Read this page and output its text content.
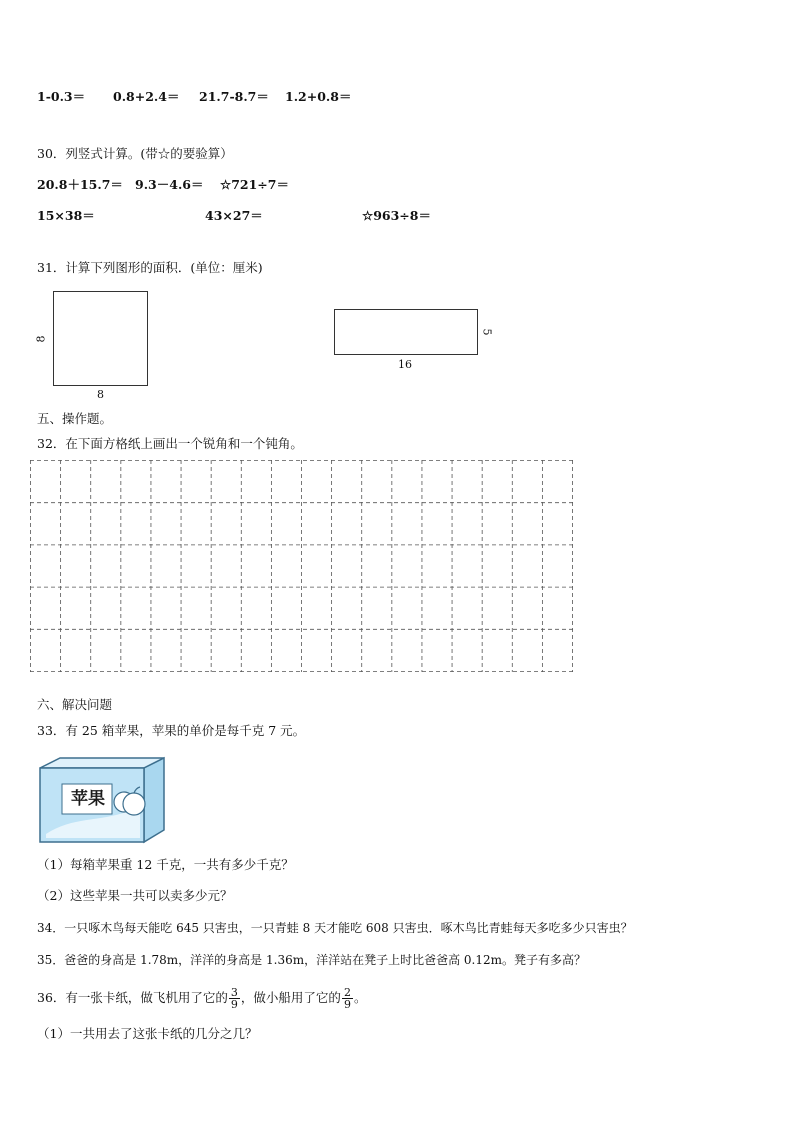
1-0.3＝ 0.8+2.4＝ 21.7-8.7＝ 1.2+0.8＝
30．列竖式计算。(带☆的要验算）
20.8＋15.7＝ 9.3－4.6＝ ☆721÷7＝
15×38＝	43×27＝	☆963÷8＝
31．计算下列图形的面积．(单位：厘米)
8
8
5
16
五、操作题。
32．在下面方格纸上画出一个锐角和一个钝角。
六、解决问题
33．有 25 箱苹果，苹果的单价是每千克 7 元。
苹果
（1）每箱苹果重 12 千克，一共有多少千克？
（2）这些苹果一共可以卖多少元？
34．一只啄木鸟每天能吃 645 只害虫，一只青蛙 8 天才能吃 608 只害虫．啄木鸟比青蛙每天多吃多少只害虫？
35．爸爸的身高是 1.78m，洋洋的身高是 1.36m，洋洋站在凳子上时比爸爸高 0.12m。凳子有多高？
36．有一张卡纸，做飞机用了它的 $\frac{3}{9}$ ，做小船用了它的 $\frac{2}{9}$ 。
（1）一共用去了这张卡纸的几分之几？
